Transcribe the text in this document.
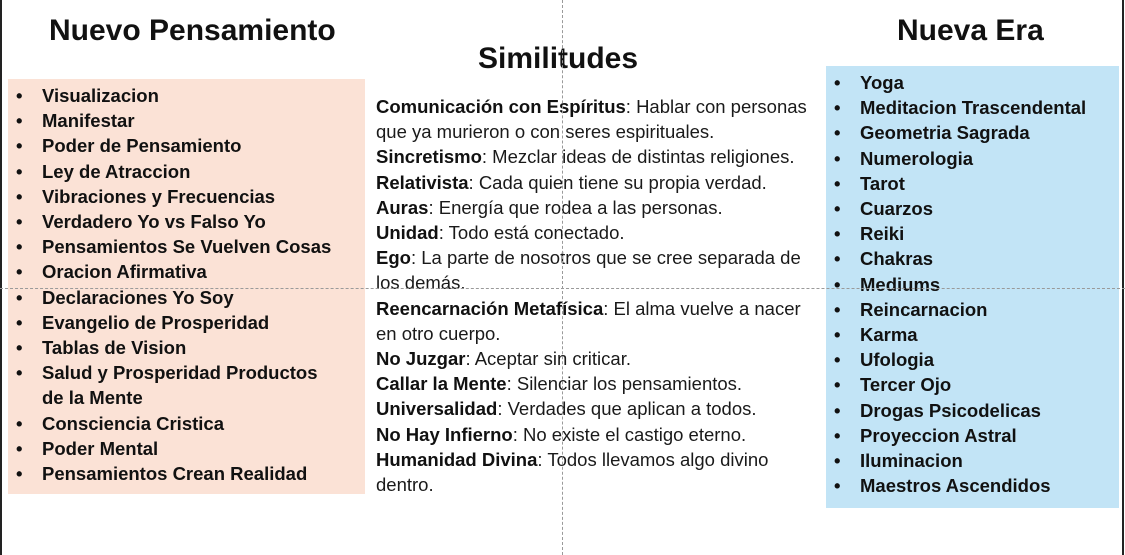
Nuevo Pensamiento
Similitudes
Nueva Era
• Visualizacion
• Manifestar
• Poder de Pensamiento
• Ley de Atraccion
• Vibraciones y Frecuencias
• Verdadero Yo vs Falso Yo
• Pensamientos Se Vuelven Cosas
• Oracion Afirmativa
• Declaraciones Yo Soy
• Evangelio de Prosperidad
• Tablas de Vision
• Salud y Prosperidad Productos de la Mente
• Consciencia Cristica
• Poder Mental
• Pensamientos Crean Realidad

Comunicación con Espíritus: Hablar con personas que ya murieron o con seres espirituales.

Sincretismo: Mezclar ideas de distintas religiones.

Relativista: Cada quien tiene su propia verdad.

Auras: Energía que rodea a las personas.

Unidad: Todo está conectado.

Ego: La parte de nosotros que se cree separada de los demás.

Reencarnación Metafísica: El alma vuelve a nacer en otro cuerpo.

No Juzgar: Aceptar sin criticar.

Callar la Mente: Silenciar los pensamientos.

Universalidad: Verdades que aplican a todos.

No Hay Infierno: No existe el castigo eterno.

Humanidad Divina: Todos llevamos algo divino dentro.

• Yoga
• Meditacion Trascendental
• Geometria Sagrada
• Numerologia
• Tarot
• Cuarzos
• Reiki
• Chakras
• Mediums
• Reincarnacion
• Karma
• Ufologia
• Tercer Ojo
• Drogas Psicodelicas
• Proyeccion Astral
• Iluminacion
• Maestros Ascendidos
